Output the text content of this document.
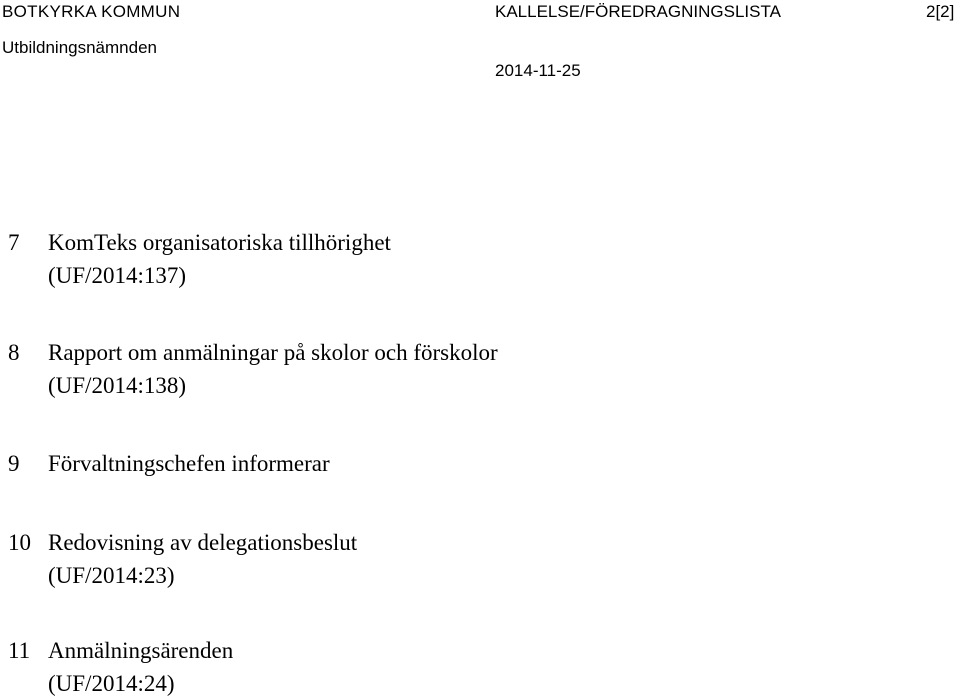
BOTKYRKA KOMMUN	KALLELSE/FÖREDRAGNINGSLISTA	2[2]
Utbildningsnämnden
2014-11-25
7 KomTeks organisatoriska tillhörighet
(UF/2014:137)
8 Rapport om anmälningar på skolor och förskolor
(UF/2014:138)
9 Förvaltningschefen informerar
10 Redovisning av delegationsbeslut
(UF/2014:23)
11 Anmälningsärenden
(UF/2014:24)
